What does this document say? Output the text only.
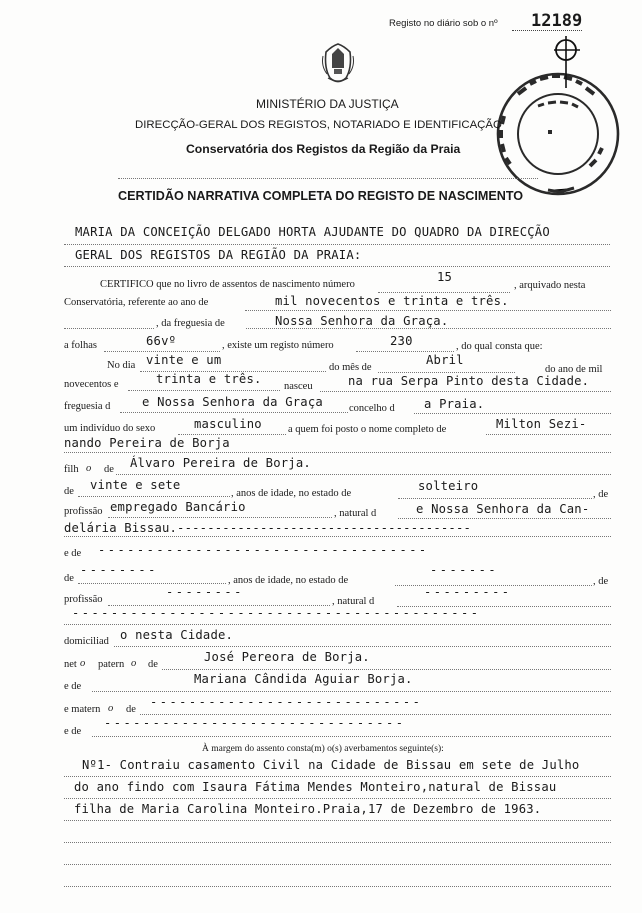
Registo no diário sob o nº 12189
MINISTÉRIO DA JUSTIÇA
DIRECÇÃO-GERAL DOS REGISTOS, NOTARIADO E IDENTIFICAÇÃO
Conservatória dos Registos da Região da Praia
CERTIDÃO NARRATIVA COMPLETA DO REGISTO DE NASCIMENTO
MARIA DA CONCEIÇÃO DELGADO HORTA AJUDANTE DO QUADRO DA DIRECÇÃO
GERAL DOS REGISTOS DA REGIÃO DA PRAIA:
CERTIFICO que no livro de assentos de nascimento número
15
, arquivado nesta
Conservatória, referente ao ano de	mil novecentos e trinta e três.
, da freguesia de	Nossa Senhora da Graça.
a folhas	66vº	, existe um registo número	230	, do qual consta que:
No dia vinte e um
do mês de
Abril
do ano de mil
novecentos e	trinta e três.
nasceu	na rua Serpa Pinto desta Cidade.
freguesia d	e Nossa Senhora da Graça concelho d a Praia.
um indivíduo do sexo	masculino a quem foi posto o nome completo de	Milton Sezi-
nando Pereira de Borja
filh o de Álvaro Pereira de Borja.
de vinte e sete
, anos de idade, no estado de
solteiro
, de
profissão empregado Bancário	, natural d	e Nossa Senhora da Can-
delária Bissau.---------------------------------------
e de ----------------------------------
de
--------
, anos de idade, no estado de
-------
, de
profissão
--------
, natural d
---------
------------------------------------------
domiciliad o nesta Cidade.
net o patern o de
José Pereora de Borja.
e de
Mariana Cândida Aguiar Borja.
e matern o de
----------------------------
e de
-------------------------------
À margem do assento consta(m) o(s) averbamentos seguinte(s):
Nº1- Contraiu casamento Civil na Cidade de Bissau em sete de Julho
do ano findo com Isaura Fátima Mendes Monteiro,natural de Bissau
filha de Maria Carolina Monteiro.Praia,17 de Dezembro de 1963.
